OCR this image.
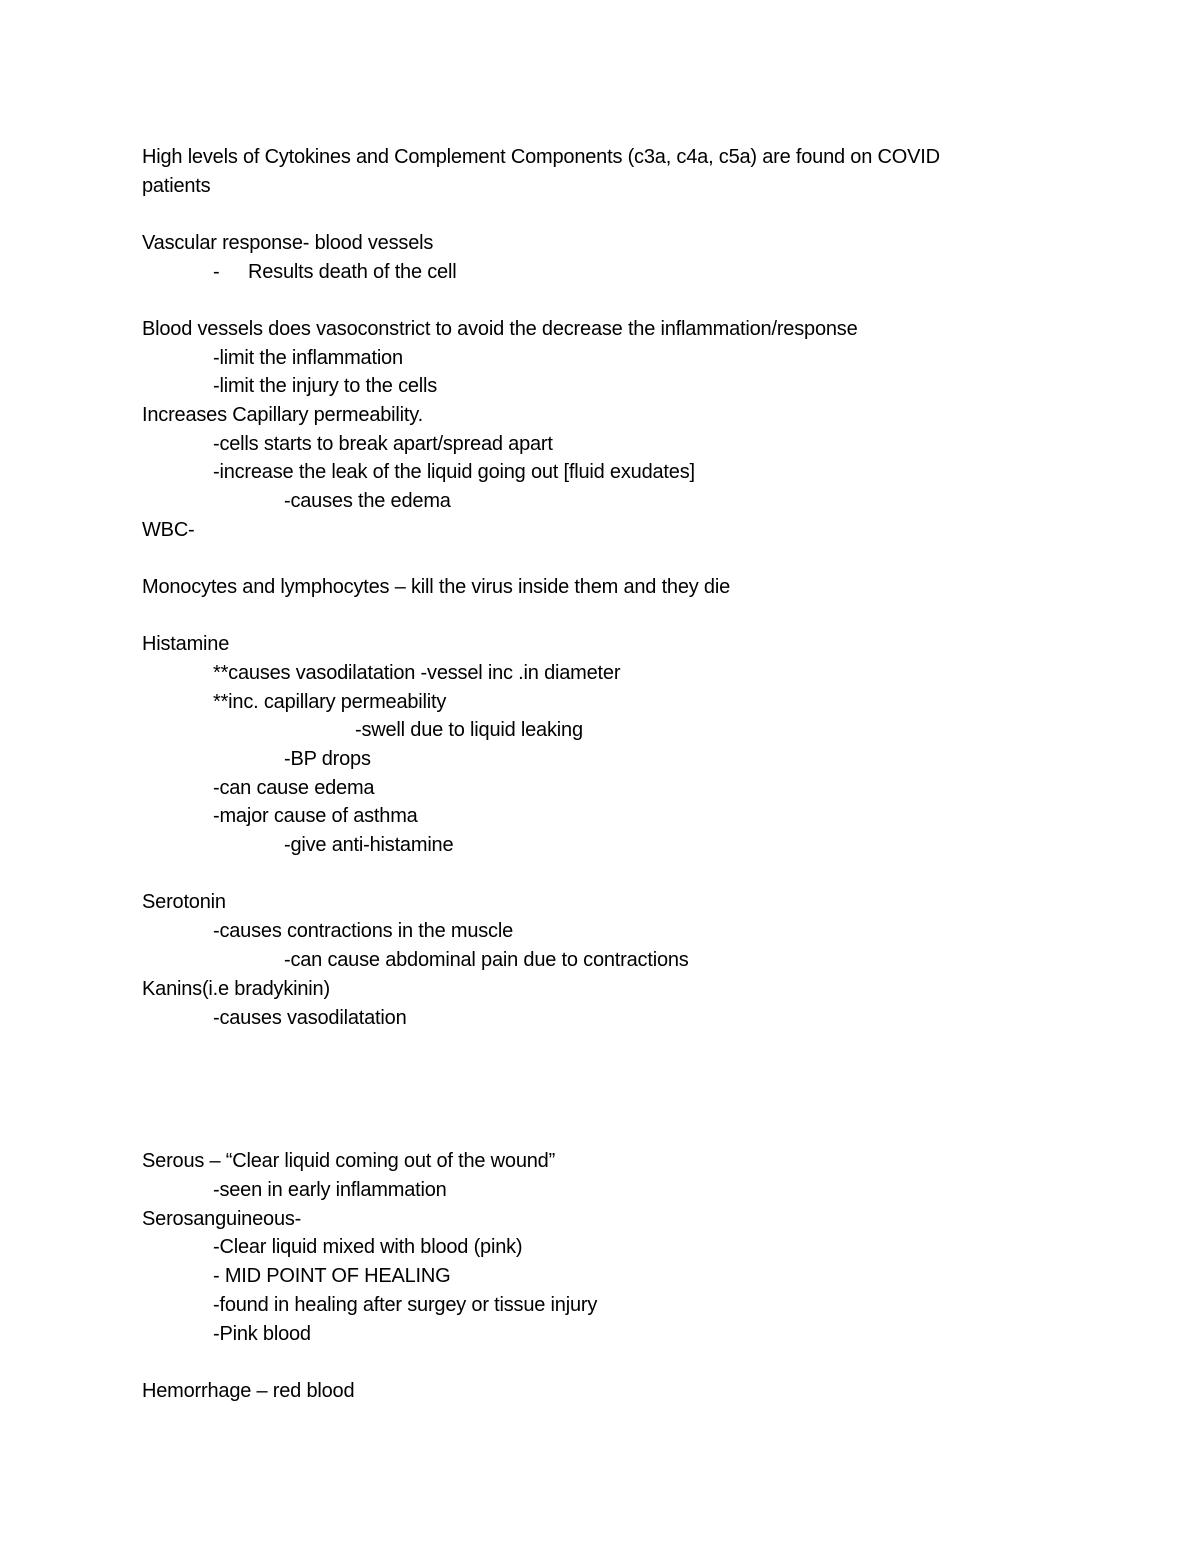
High levels of Cytokines and Complement Components (c3a, c4a, c5a) are found on COVID
patients
Vascular response- blood vessels
- Results death of the cell
Blood vessels does vasoconstrict to avoid the decrease the inflammation/response
-limit the inflammation
-limit the injury to the cells
Increases Capillary permeability.
-cells starts to break apart/spread apart
-increase the leak of the liquid going out [fluid exudates]
-causes the edema
WBC-
Monocytes and lymphocytes – kill the virus inside them and they die
Histamine
**causes vasodilatation -vessel inc .in diameter
**inc. capillary permeability
-swell due to liquid leaking
-BP drops
-can cause edema
-major cause of asthma
-give anti-histamine
Serotonin
-causes contractions in the muscle
-can cause abdominal pain due to contractions
Kanins(i.e bradykinin)
-causes vasodilatation
Serous – “Clear liquid coming out of the wound”
-seen in early inflammation
Serosanguineous-
-Clear liquid mixed with blood (pink)
- MID POINT OF HEALING
-found in healing after surgey or tissue injury
-Pink blood
Hemorrhage – red blood
